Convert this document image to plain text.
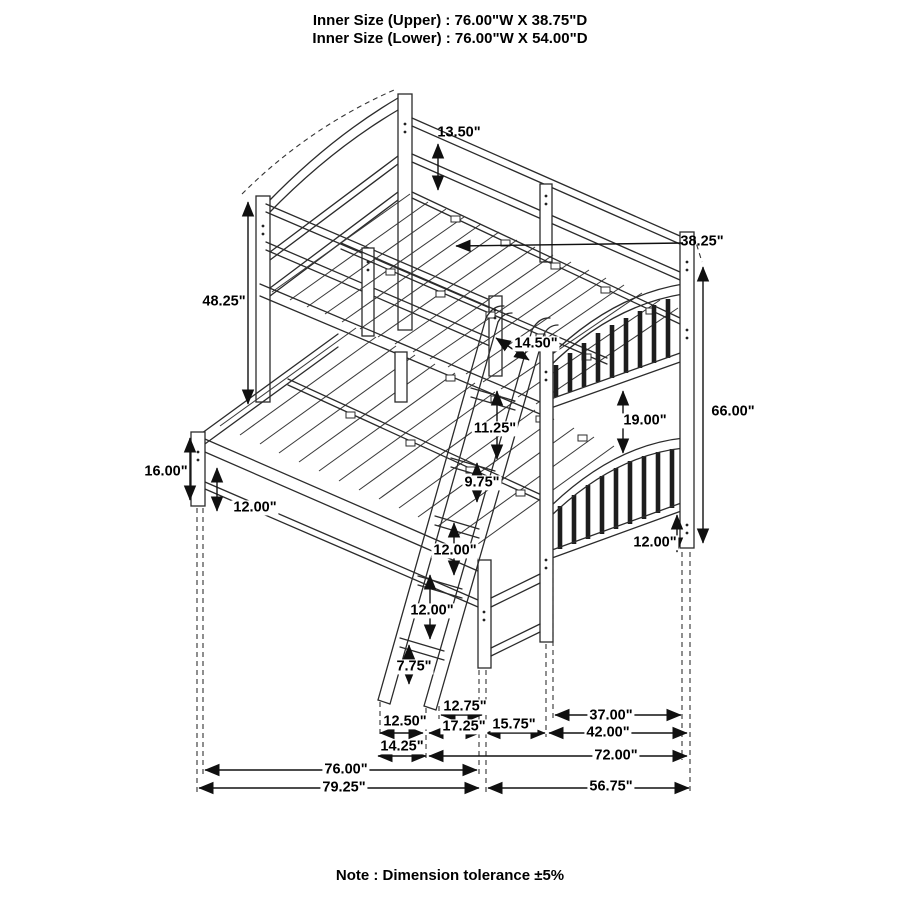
Inner Size (Upper) : 76.00"W X 38.75"D
Inner Size (Lower) : 76.00"W X 54.00"D
13.50"
38.25"
48.25"
14.50"
19.00"
66.00"
11.25"
16.00"
12.00"
9.75"
12.00"
12.00"
12.00"
7.75"
12.75"
37.00"
12.50" 17.25" 15.75"	42.00"
14.25"
72.00"
76.00"
79.25"	56.75"
Note : Dimension tolerance ±5%
